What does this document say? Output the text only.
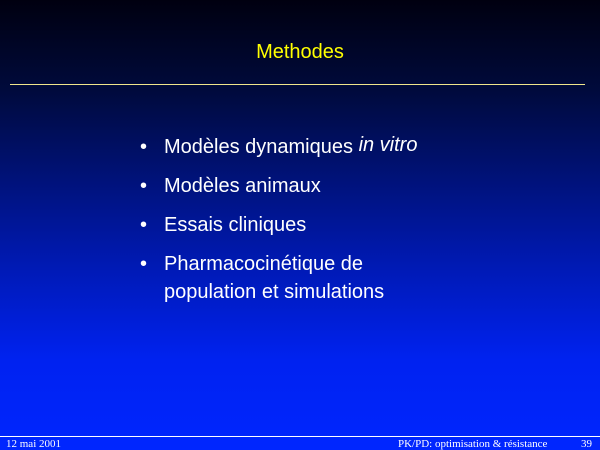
Methodes
• Modèles dynamiques in vitro
• Modèles animaux
• Essais cliniques
• Pharmacocinétique de
population et simulations
12 mai 2001	PK/PD: optimisation & résistance	39
